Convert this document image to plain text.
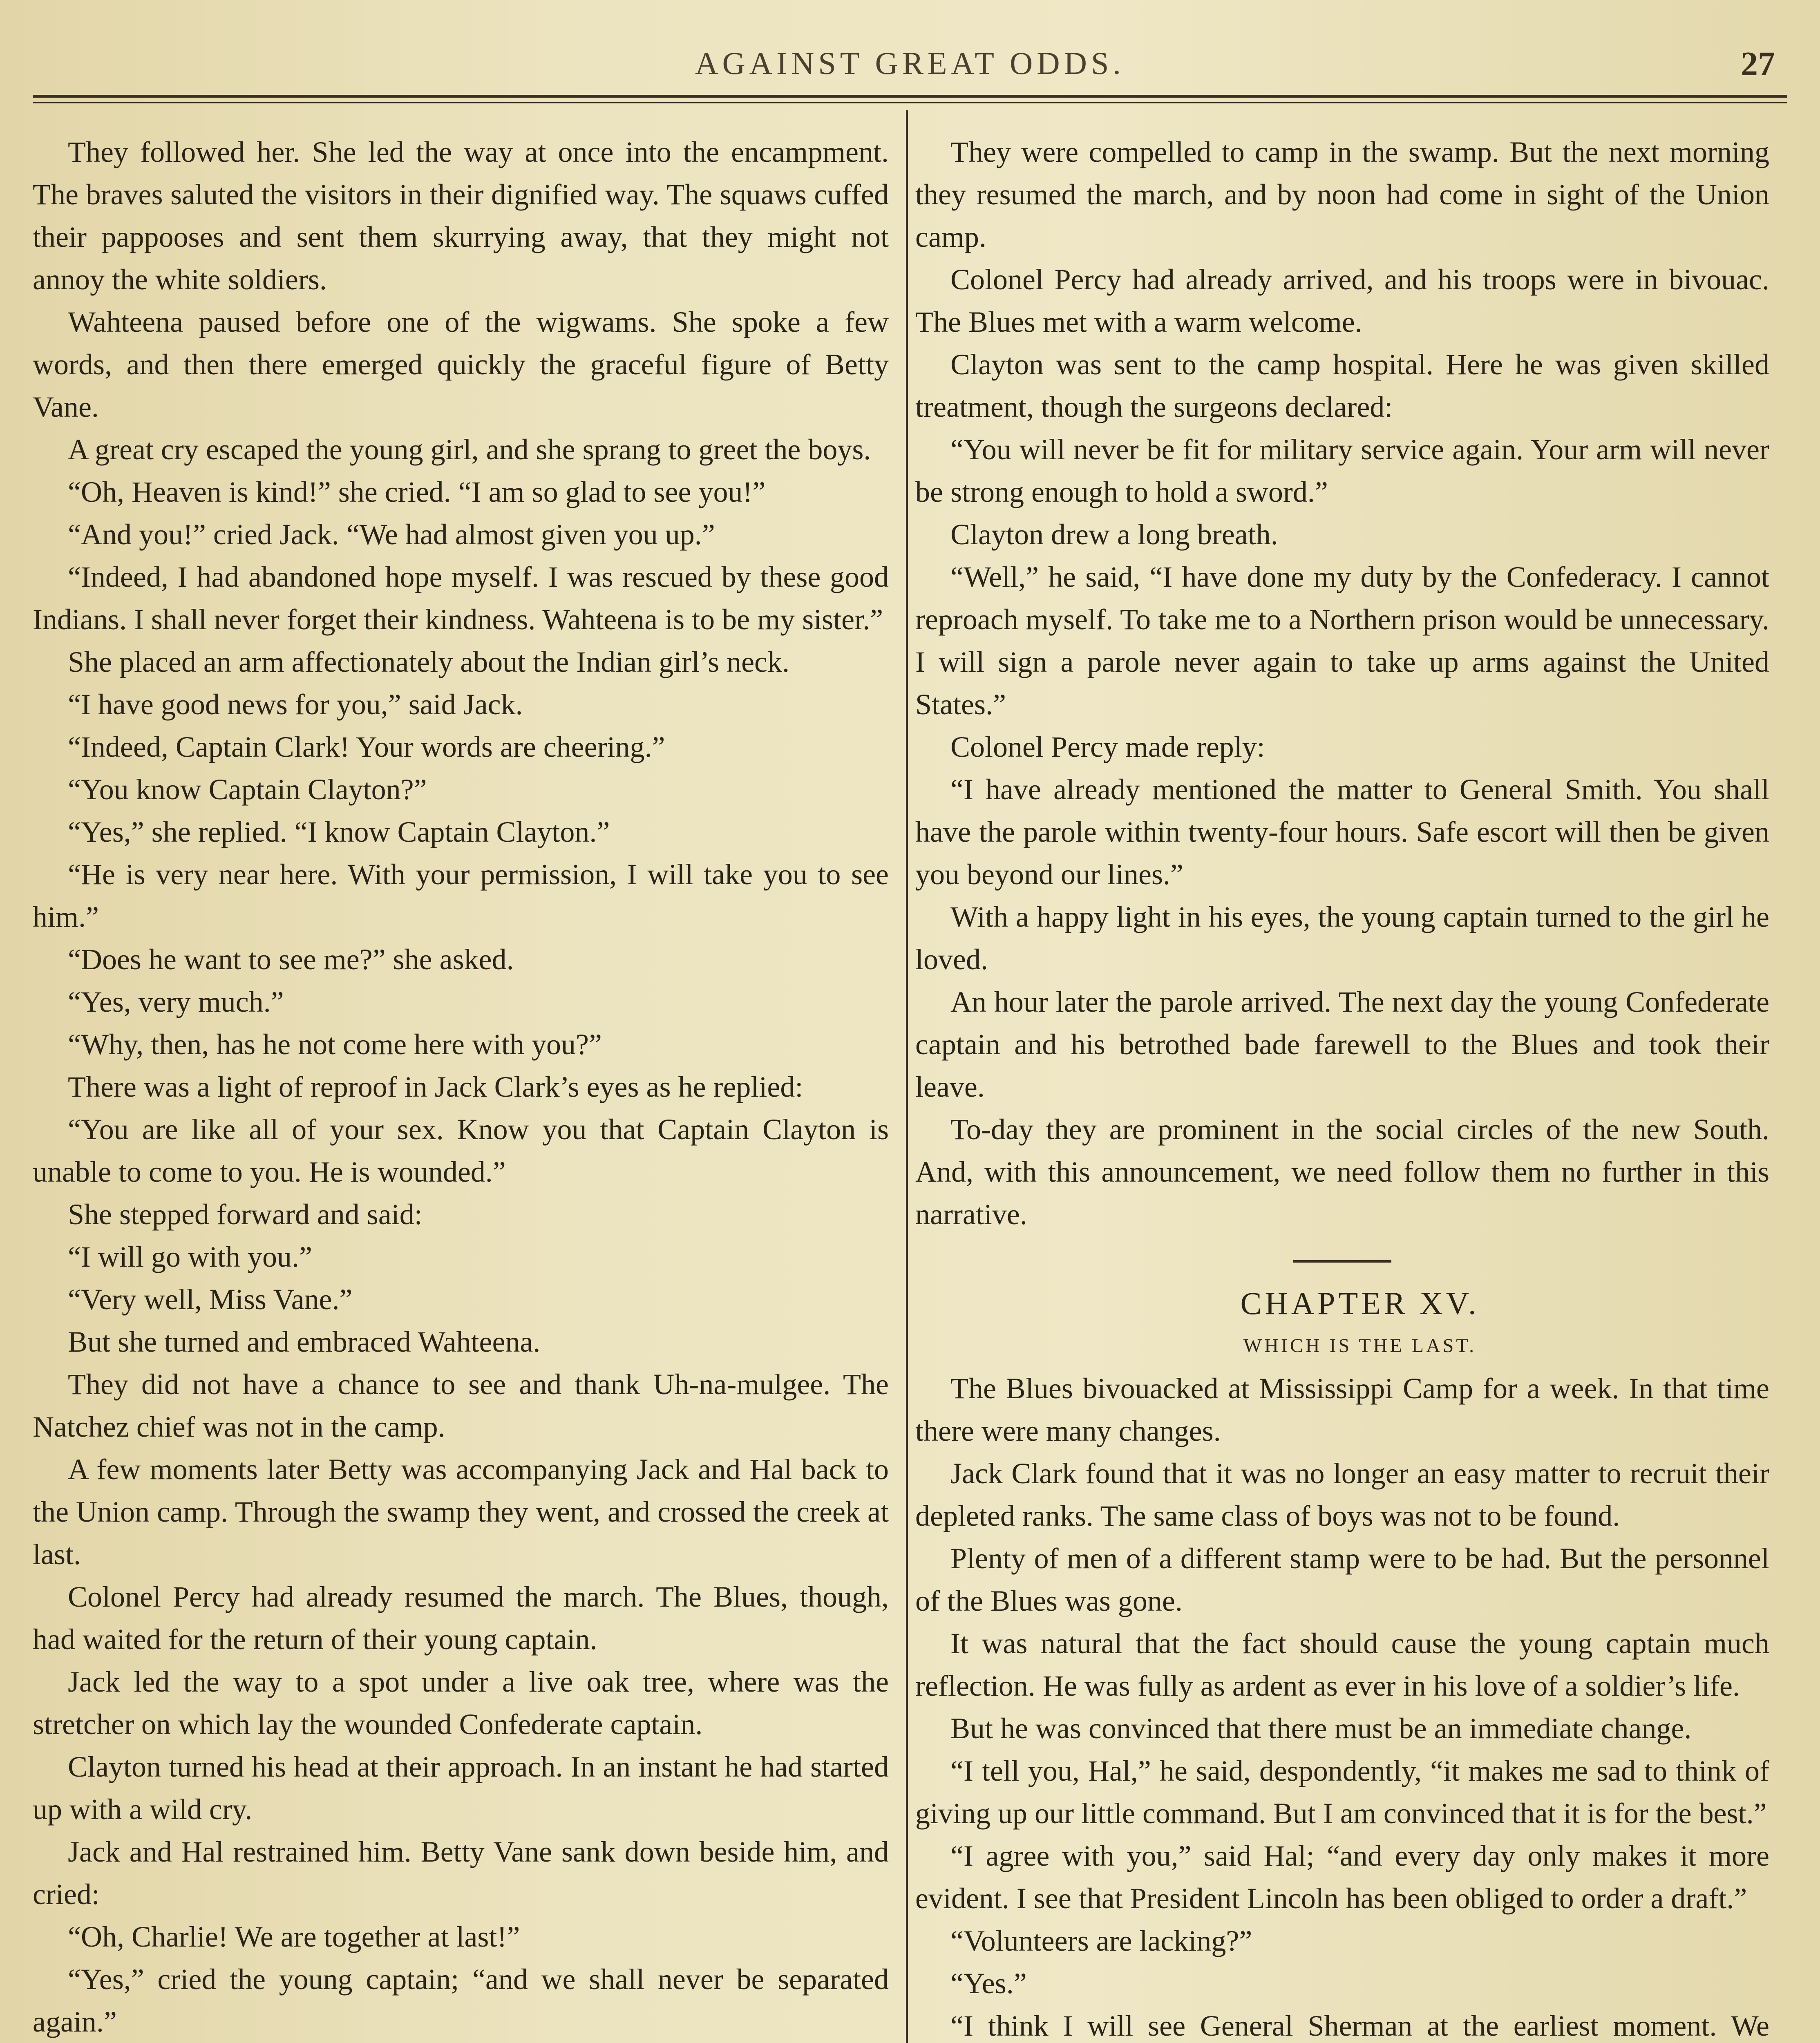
AGAINST GREAT ODDS.	27

They followed her. She led the way at once into the encampment. The braves saluted the visitors in their dignified way. The squaws cuffed their pappooses and sent them skurrying away, that they might not annoy the white soldiers.

Wahteena paused before one of the wigwams. She spoke a few words, and then there emerged quickly the graceful figure of Betty Vane.

A great cry escaped the young girl, and she sprang to greet the boys.

“Oh, Heaven is kind!” she cried. “I am so glad to see you!”

“And you!” cried Jack. “We had almost given you up.”

“Indeed, I had abandoned hope myself. I was rescued by these good Indians. I shall never forget their kindness. Wahteena is to be my sister.”

She placed an arm affectionately about the Indian girl’s neck.

“I have good news for you,” said Jack.

“Indeed, Captain Clark! Your words are cheering.”

“You know Captain Clayton?”

“Yes,” she replied. “I know Captain Clayton.”

“He is very near here. With your permission, I will take you to see him.”

“Does he want to see me?” she asked.

“Yes, very much.”

“Why, then, has he not come here with you?”

There was a light of reproof in Jack Clark’s eyes as he replied:

“You are like all of your sex. Know you that Captain Clayton is unable to come to you. He is wounded.”

She stepped forward and said:

“I will go with you.”

“Very well, Miss Vane.”

But she turned and embraced Wahteena.

They did not have a chance to see and thank Uh-na-mulgee. The Natchez chief was not in the camp.

A few moments later Betty was accompanying Jack and Hal back to the Union camp. Through the swamp they went, and crossed the creek at last.

Colonel Percy had already resumed the march. The Blues, though, had waited for the return of their young captain.

Jack led the way to a spot under a live oak tree, where was the stretcher on which lay the wounded Confederate captain.

Clayton turned his head at their approach. In an instant he had started up with a wild cry.

Jack and Hal restrained him. Betty Vane sank down beside him, and cried:

“Oh, Charlie! We are together at last!”

“Yes,” cried the young captain; “and we shall never be separated again.”

They were compelled to camp in the swamp. But the next morning they resumed the march, and by noon had come in sight of the Union camp.

Colonel Percy had already arrived, and his troops were in bivouac. The Blues met with a warm welcome.

Clayton was sent to the camp hospital. Here he was given skilled treatment, though the surgeons declared:

“You will never be fit for military service again. Your arm will never be strong enough to hold a sword.”

Clayton drew a long breath.

“Well,” he said, “I have done my duty by the Confederacy. I cannot reproach myself. To take me to a Northern prison would be unnecessary. I will sign a parole never again to take up arms against the United States.”

Colonel Percy made reply:

“I have already mentioned the matter to General Smith. You shall have the parole within twenty-four hours. Safe escort will then be given you beyond our lines.”

With a happy light in his eyes, the young captain turned to the girl he loved.

An hour later the parole arrived. The next day the young Confederate captain and his betrothed bade farewell to the Blues and took their leave.

To-day they are prominent in the social circles of the new South. And, with this announcement, we need follow them no further in this narrative.

CHAPTER XV.

WHICH IS THE LAST.

The Blues bivouacked at Mississippi Camp for a week. In that time there were many changes.

Jack Clark found that it was no longer an easy matter to recruit their depleted ranks. The same class of boys was not to be found.

Plenty of men of a different stamp were to be had. But the personnel of the Blues was gone.

It was natural that the fact should cause the young captain much reflection. He was fully as ardent as ever in his love of a soldier’s life.

But he was convinced that there must be an immediate change.

“I tell you, Hal,” he said, despondently, “it makes me sad to think of giving up our little command. But I am convinced that it is for the best.”

“I agree with you,” said Hal; “and every day only makes it more evident. I see that President Lincoln has been obliged to order a draft.”

“Volunteers are lacking?”

“Yes.”

“I think I will see General Sherman at the earliest moment. We
